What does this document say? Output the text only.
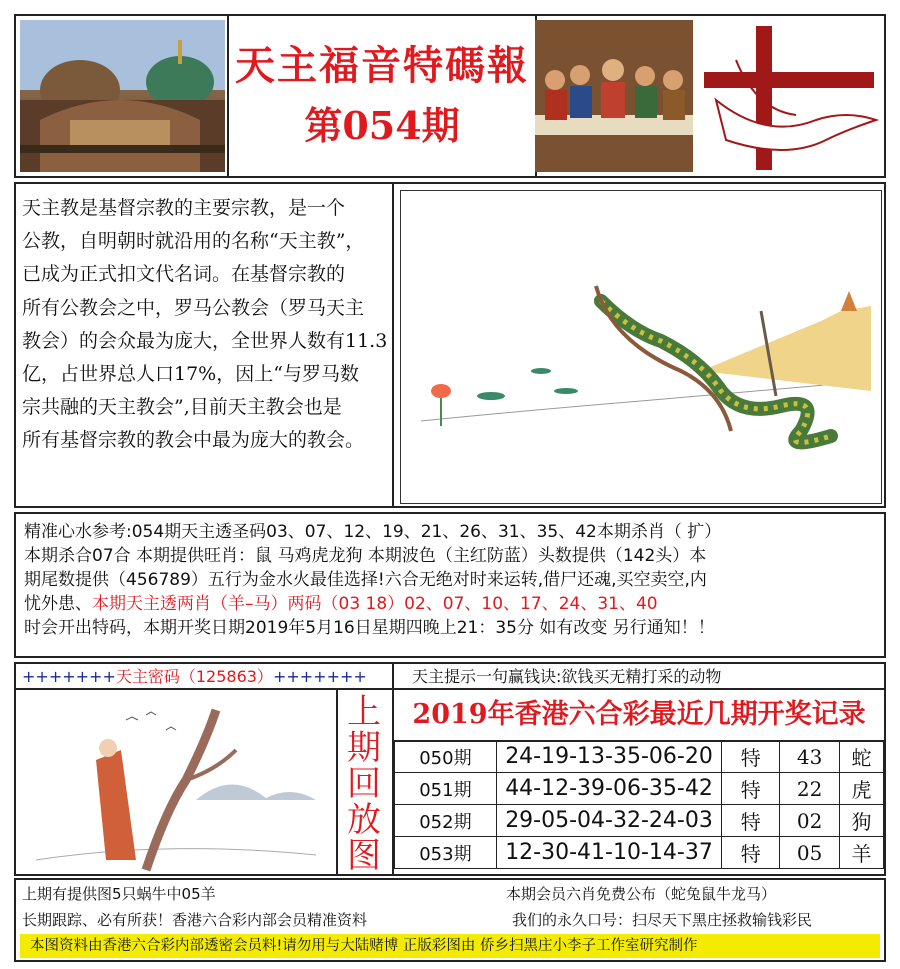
天主福音特碼報
第054期
天主教是基督宗教的主要宗教，是一个
公教，自明朝时就沿用的名称“天主教”，
已成为正式扣文代名词。在基督宗教的
所有公教会之中，罗马公教会（罗马天主
教会）的会众最为庞大，全世界人数有11.3
亿，占世界总人口17%，因上“与罗马数
宗共融的天主教会”,目前天主教会也是
所有基督宗教的教会中最为庞大的教会。
精准心水参考:054期天主透圣码03、07、12、19、21、26、31、35、42本期杀肖（ 扩）
本期杀合07合 本期提供旺肖：鼠 马鸡虎龙狗 本期波色（主红防蓝）头数提供（142头）本
期尾数提供（456789）五行为金水火最佳选择!六合无绝对时来运转,借尸还魂,买空卖空,内
忧外患、本期天主透两肖（羊–马）两码（03 18）02、07、10、17、24、31、40
时会开出特码，本期开奖日期2019年5月16日星期四晚上21：35分 如有改变 另行通知！！
+++++++天主密码（125863）+++++++	天主提示一句赢钱诀:欲钱买无精打采的动物
上
期
回
放
图
2019年香港六合彩最近几期开奖记录
050期	24-19-13-35-06-20	特	43	蛇
051期	44-12-39-06-35-42	特	22	虎
052期	29-05-04-32-24-03	特	02	狗
053期	12-30-41-10-14-37	特	05	羊
上期有提供图5只蜗牛中05羊	本期会员六肖免费公布（蛇兔鼠牛龙马）
长期跟踪、必有所获！香港六合彩内部会员精准资料	我们的永久口号：扫尽天下黑庄拯救输钱彩民
本图资料由香港六合彩内部透密会员料!请勿用与大陆赌博 正版彩图由 侨乡扫黑庄小李子工作室研究制作
